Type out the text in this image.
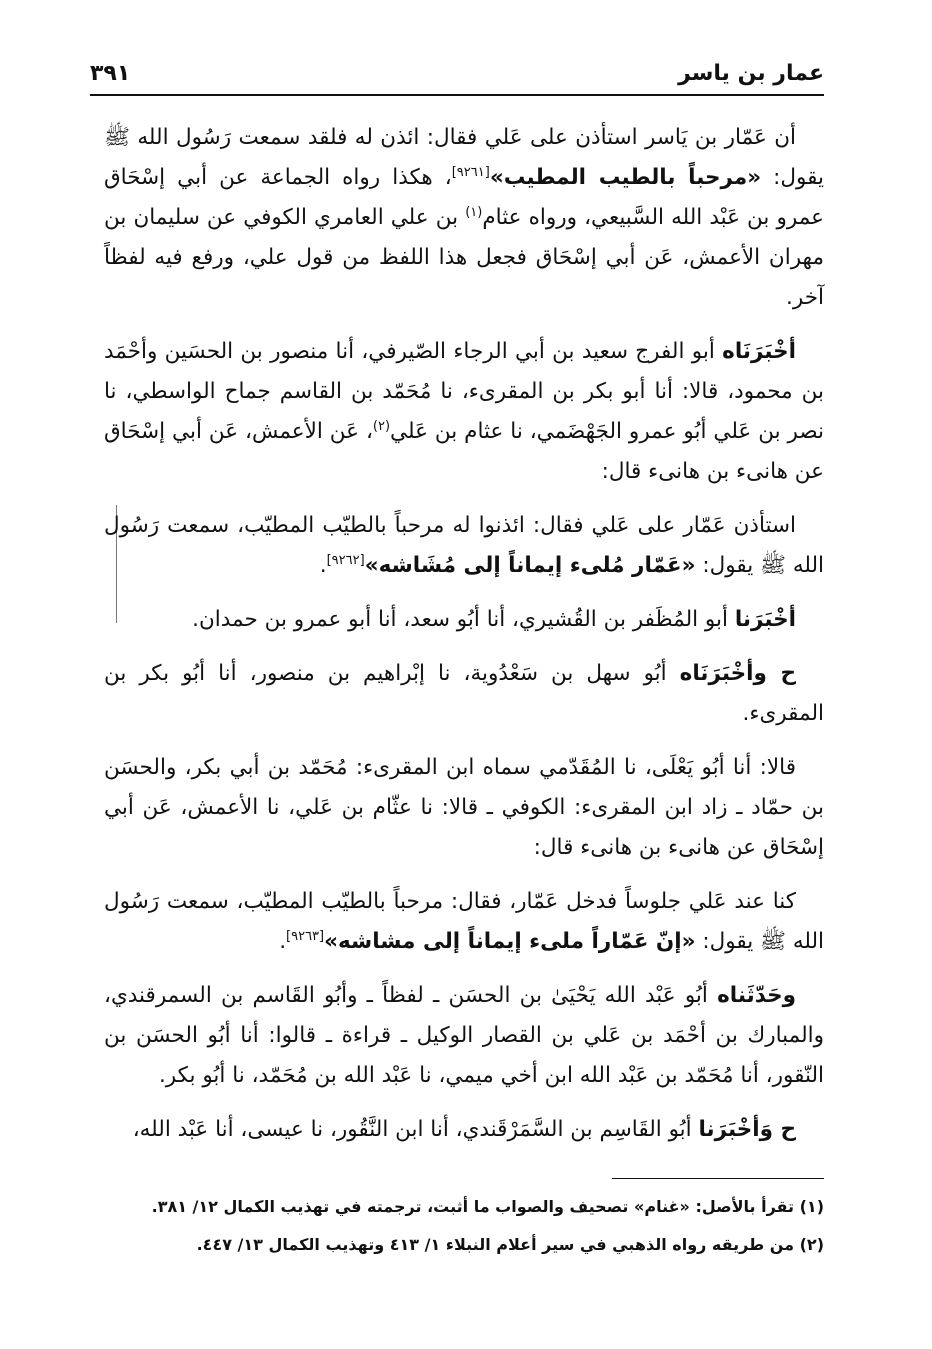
عمار بن ياسر
٣٩١

أن عَمّار بن يَاسر استأذن على عَلي فقال: ائذن له فلقد سمعت رَسُول الله ﷺ يقول: «مرحباً بالطيب المطيب»[٩٢٦١]، هكذا رواه الجماعة عن أبي إسْحَاق عمرو بن عَبْد الله السَّبيعي، ورواه عثام$^{(١)}$ بن علي العامري الكوفي عن سليمان بن مهران الأعمش، عَن أبي إسْحَاق فجعل هذا اللفظ من قول علي، ورفع فيه لفظاً آخر.

أخْبَرَنَاه أبو الفرج سعيد بن أبي الرجاء الصّيرفي، أنا منصور بن الحسَين وأحْمَد بن محمود، قالا: أنا أبو بكر بن المقرىء، نا مُحَمّد بن القاسم جماح الواسطي، نا نصر بن عَلي أبُو عمرو الجَهْضَمي، نا عثام بن عَلي$^{(٢)}$، عَن الأعمش، عَن أبي إسْحَاق عن هانىء بن هانىء قال:

استأذن عَمّار على عَلي فقال: ائذنوا له مرحباً بالطيّب المطيّب، سمعت رَسُول الله ﷺ يقول: «عَمّار مُلىء إيماناً إلى مُشَاشه»[٩٢٦٢].

أخْبَرَنا أبو المُظَفر بن القُشيري، أنا أبُو سعد، أنا أبو عمرو بن حمدان.

ح وأخْبَرَنَاه أبُو سهل بن سَعْدُوية، نا إبْراهيم بن منصور، أنا أبُو بكر بن المقرىء.

قالا: أنا أبُو يَعْلَى، نا المُقَدّمي سماه ابن المقرىء: مُحَمّد بن أبي بكر، والحسَن بن حمّاد ـ زاد ابن المقرىء: الكوفي ـ قالا: نا عثّام بن عَلي، نا الأعمش، عَن أبي إسْحَاق عن هانىء بن هانىء قال:

كنا عند عَلي جلوساً فدخل عَمّار، فقال: مرحباً بالطيّب المطيّب، سمعت رَسُول الله ﷺ يقول: «إنّ عَمّاراً ملىء إيماناً إلى مشاشه»[٩٢٦٣].

وحَدّثَناه أبُو عَبْد الله يَحْيَىٰ بن الحسَن ـ لفظاً ـ وأبُو القَاسم بن السمرقندي، والمبارك بن أحْمَد بن عَلي بن القصار الوكيل ـ قراءة ـ قالوا: أنا أبُو الحسَن بن النّقور، أنا مُحَمّد بن عَبْد الله ابن أخي ميمي، نا عَبْد الله بن مُحَمّد، نا أبُو بكر.

ح وَأخْبَرَنا أبُو القَاسِم بن السَّمَرْقَندي، أنا ابن النَّقُور، نا عيسى، أنا عَبْد الله،

(١) تقرأ بالأصل: «غنام» تصحيف والصواب ما أثبت، ترجمته في تهذيب الكمال ١٢/ ٣٨١.
(٢) من طريقه رواه الذهبي في سير أعلام النبلاء ١/ ٤١٣ وتهذيب الكمال ١٣/ ٤٤٧.
